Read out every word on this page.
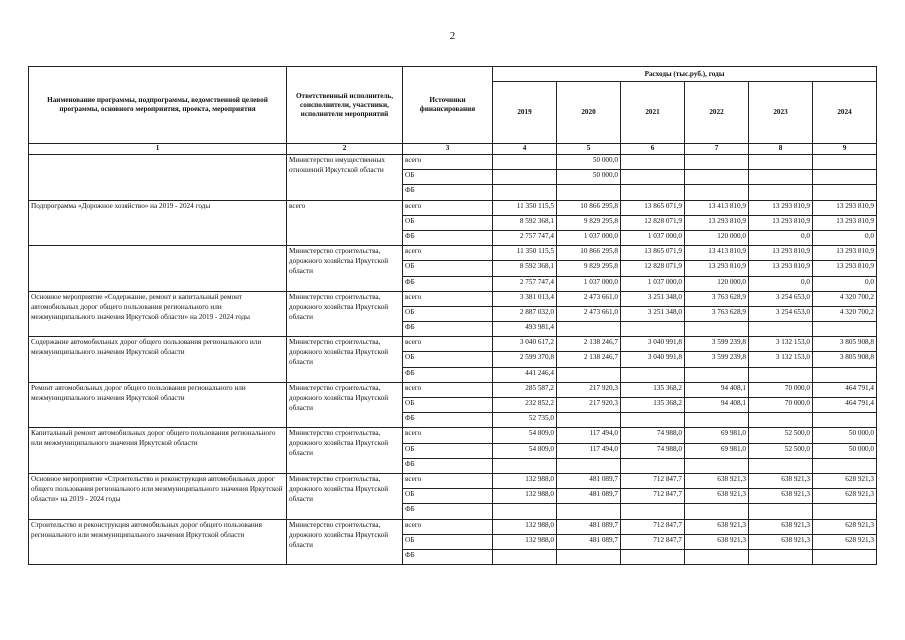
2
Наименование программы, подпрограммы, ведомственной целевой программы, основного мероприятия, проекта, мероприятия	Ответственный исполнитель, соисполнители, участники, исполнители мероприятий	Источники финансирования	Расходы (тыс.руб.), годы					
			2019	2020	2021	2022	2023	2024
1	2	3	4	5	6	7	8	9
	Министерство имущественных отношений Иркутской области	всего		50 000,0				
		ОБ		50 000,0				
		ФБ						
Подпрограмма «Дорожное хозяйство» на 2019 - 2024 годы	всего	всего	11 350 115,5	10 866 295,8	13 865 071,9	13 413 810,9	13 293 810,9	13 293 810,9
		ОБ	8 592 368,1	9 829 295,8	12 828 071,9	13 293 810,9	13 293 810,9	13 293 810,9
		ФБ	2 757 747,4	1 037 000,0	1 037 000,0	120 000,0	0,0	0,0
	Министерство строительства, дорожного хозяйства Иркутской области	всего	11 350 115,5	10 866 295,8	13 865 071,9	13 413 810,9	13 293 810,9	13 293 810,9
		ОБ	8 592 368,1	9 829 295,8	12 828 071,9	13 293 810,9	13 293 810,9	13 293 810,9
		ФБ	2 757 747,4	1 037 000,0	1 037 000,0	120 000,0	0,0	0,0
Основное мероприятие «Содержание, ремонт и капитальный ремонт автомобильных дорог общего пользования регионального или межмуниципального значения Иркутской области» на 2019 - 2024 годы	Министерство строительства, дорожного хозяйства Иркутской области	всего	3 381 013,4	2 473 661,0	3 251 348,0	3 763 628,9	3 254 653,0	4 320 700,2
		ОБ	2 887 032,0	2 473 661,0	3 251 348,0	3 763 628,9	3 254 653,0	4 320 700,2
		ФБ	493 981,4					
Содержание автомобильных дорог общего пользования регионального или межмуниципального значения Иркутской области	Министерство строительства, дорожного хозяйства Иркутской области	всего	3 040 617,2	2 138 246,7	3 040 991,8	3 599 239,8	3 132 153,0	3 805 908,8
		ОБ	2 599 370,8	2 138 246,7	3 040 991,8	3 599 239,8	3 132 153,0	3 805 908,8
		ФБ	441 246,4					
Ремонт автомобильных дорог общего пользования регионального или межмуниципального значения Иркутской области	Министерство строительства, дорожного хозяйства Иркутской области	всего	285 587,2	217 920,3	135 368,2	94 408,1	70 000,0	464 791,4
		ОБ	232 852,2	217 920,3	135 368,2	94 408,1	70 000,0	464 791,4
		ФБ	52 735,0					
Капитальный ремонт автомобильных дорог общего пользования регионального или межмуниципального значения Иркутской области	Министерство строительства, дорожного хозяйства Иркутской области	всего	54 809,0	117 494,0	74 988,0	69 981,0	52 500,0	50 000,0
		ОБ	54 809,0	117 494,0	74 988,0	69 981,0	52 500,0	50 000,0
		ФБ						
Основное мероприятие «Строительство и реконструкция автомобильных дорог общего пользования регионального или межмуниципального значения Иркутской области» на 2019 - 2024 годы	Министерство строительства, дорожного хозяйства Иркутской области	всего	132 988,0	481 089,7	712 847,7	638 921,3	638 921,3	628 921,3
		ОБ	132 988,0	481 089,7	712 847,7	638 921,3	638 921,3	628 921,3
		ФБ						
Строительство и реконструкция автомобильных дорог общего пользования регионального или межмуниципального значения Иркутской области	Министерство строительства, дорожного хозяйства Иркутской области	всего	132 988,0	481 089,7	712 847,7	638 921,3	638 921,3	628 921,3
		ОБ	132 988,0	481 089,7	712 847,7	638 921,3	638 921,3	628 921,3
		ФБ						
